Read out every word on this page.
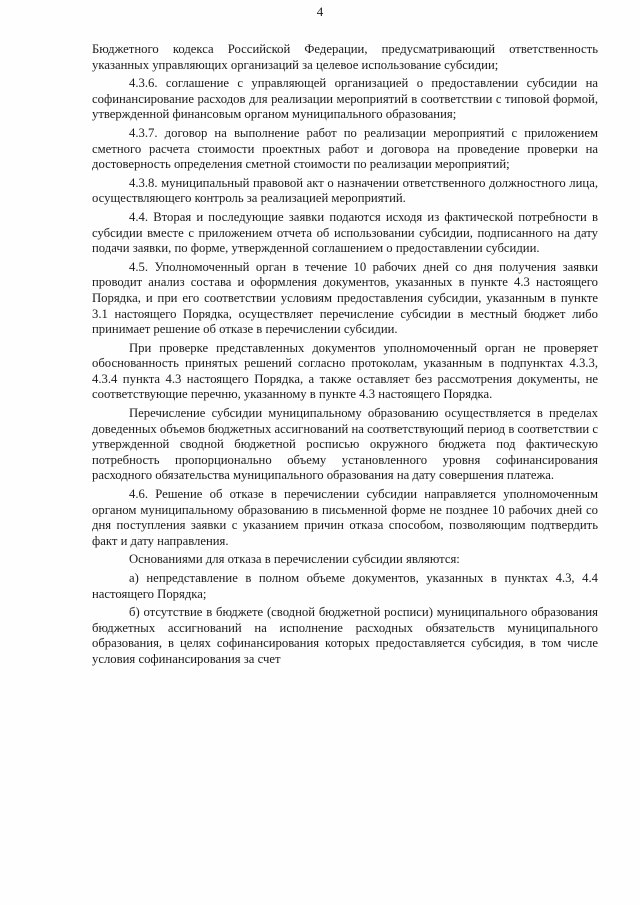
4

Бюджетного кодекса Российской Федерации, предусматривающий ответственность указанных управляющих организаций за целевое использование субсидии;

4.3.6. соглашение с управляющей организацией о предоставлении субсидии на софинансирование расходов для реализации мероприятий в соответствии с типовой формой, утвержденной финансовым органом муниципального образования;

4.3.7. договор на выполнение работ по реализации мероприятий с приложением сметного расчета стоимости проектных работ и договора на проведение проверки на достоверность определения сметной стоимости по реализации мероприятий;

4.3.8. муниципальный правовой акт о назначении ответственного должностного лица, осуществляющего контроль за реализацией мероприятий.

4.4. Вторая и последующие заявки подаются исходя из фактической потребности в субсидии вместе с приложением отчета об использовании субсидии, подписанного на дату подачи заявки, по форме, утвержденной соглашением о предоставлении субсидии.

4.5. Уполномоченный орган в течение 10 рабочих дней со дня получения заявки проводит анализ состава и оформления документов, указанных в пункте 4.3 настоящего Порядка, и при его соответствии условиям предоставления субсидии, указанным в пункте 3.1 настоящего Порядка, осуществляет перечисление субсидии в местный бюджет либо принимает решение об отказе в перечислении субсидии.

При проверке представленных документов уполномоченный орган не проверяет обоснованность принятых решений согласно протоколам, указанным в подпунктах 4.3.3, 4.3.4 пункта 4.3 настоящего Порядка, а также оставляет без рассмотрения документы, не соответствующие перечню, указанному в пункте 4.3 настоящего Порядка.

Перечисление субсидии муниципальному образованию осуществляется в пределах доведенных объемов бюджетных ассигнований на соответствующий период в соответствии с утвержденной сводной бюджетной росписью окружного бюджета под фактическую потребность пропорционально объему установленного уровня софинансирования расходного обязательства муниципального образования на дату совершения платежа.

4.6. Решение об отказе в перечислении субсидии направляется уполномоченным органом муниципальному образованию в письменной форме не позднее 10 рабочих дней со дня поступления заявки с указанием причин отказа способом, позволяющим подтвердить факт и дату направления.

Основаниями для отказа в перечислении субсидии являются:

а) непредставление в полном объеме документов, указанных в пунктах 4.3, 4.4 настоящего Порядка;

б) отсутствие в бюджете (сводной бюджетной росписи) муниципального образования бюджетных ассигнований на исполнение расходных обязательств муниципального образования, в целях софинансирования которых предоставляется субсидия, в том числе условия софинансирования за счет
